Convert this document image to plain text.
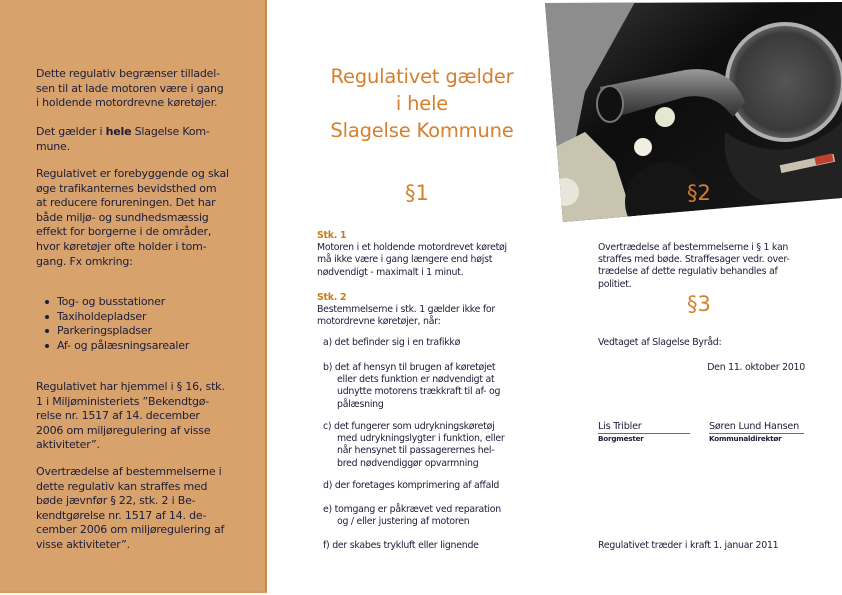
Dette regulativ begrænser tilladel-
sen til at lade motoren være i gang
i holdende motordrevne køretøjer.
Det gælder i hele Slagelse Kom-
mune.
Regulativet er forebyggende og skal
øge trafikanternes bevidsthed om
at reducere forureningen. Det har
både miljø- og sundhedsmæssig
effekt for borgerne i de områder,
hvor køretøjer ofte holder i tom-
gang. Fx omkring:
Tog- og busstationer
Taxiholdepladser
Parkeringspladser
Af- og pålæsningsarealer
Regulativet har hjemmel i § 16, stk.
1 i Miljøministeriets ”Bekendtgø-
relse nr. 1517 af 14. december
2006 om miljøregulering af visse
aktiviteter”.
Overtrædelse af bestemmelserne i
dette regulativ kan straffes med
bøde jævnfør § 22, stk. 2 i Be-
kendtgørelse nr. 1517 af 14. de-
cember 2006 om miljøregulering af
visse aktiviteter”.
Regulativet gælder
i hele
Slagelse Kommune
§1
Stk. 1
Motoren i et holdende motordrevet køretøj
må ikke være i gang længere end højst
nødvendigt - maximalt i 1 minut.
Stk. 2
Bestemmelserne i stk. 1 gælder ikke for
motordrevne køretøjer, når:
a) det befinder sig i en trafikkø
b) det af hensyn til brugen af køretøjet
eller dets funktion er nødvendigt at
udnytte motorens trækkraft til af- og
pålæsning
c) det fungerer som udrykningskøretøj
med udrykningslygter i funktion, eller
når hensynet til passagerernes hel-
bred nødvendiggør opvarmning
d) der foretages komprimering af affald
e) tomgang er påkrævet ved reparation
og / eller justering af motoren
f) der skabes trykluft eller lignende
§2
Overtrædelse af bestemmelserne i § 1 kan
straffes med bøde. Straffesager vedr. over-
trædelse af dette regulativ behandles af
politiet.
§3
Vedtaget af Slagelse Byråd:
Den 11. oktober 2010
Lis Tribler
Borgmester
Søren Lund Hansen
Kommunaldirektør
Regulativet træder i kraft 1. januar 2011
